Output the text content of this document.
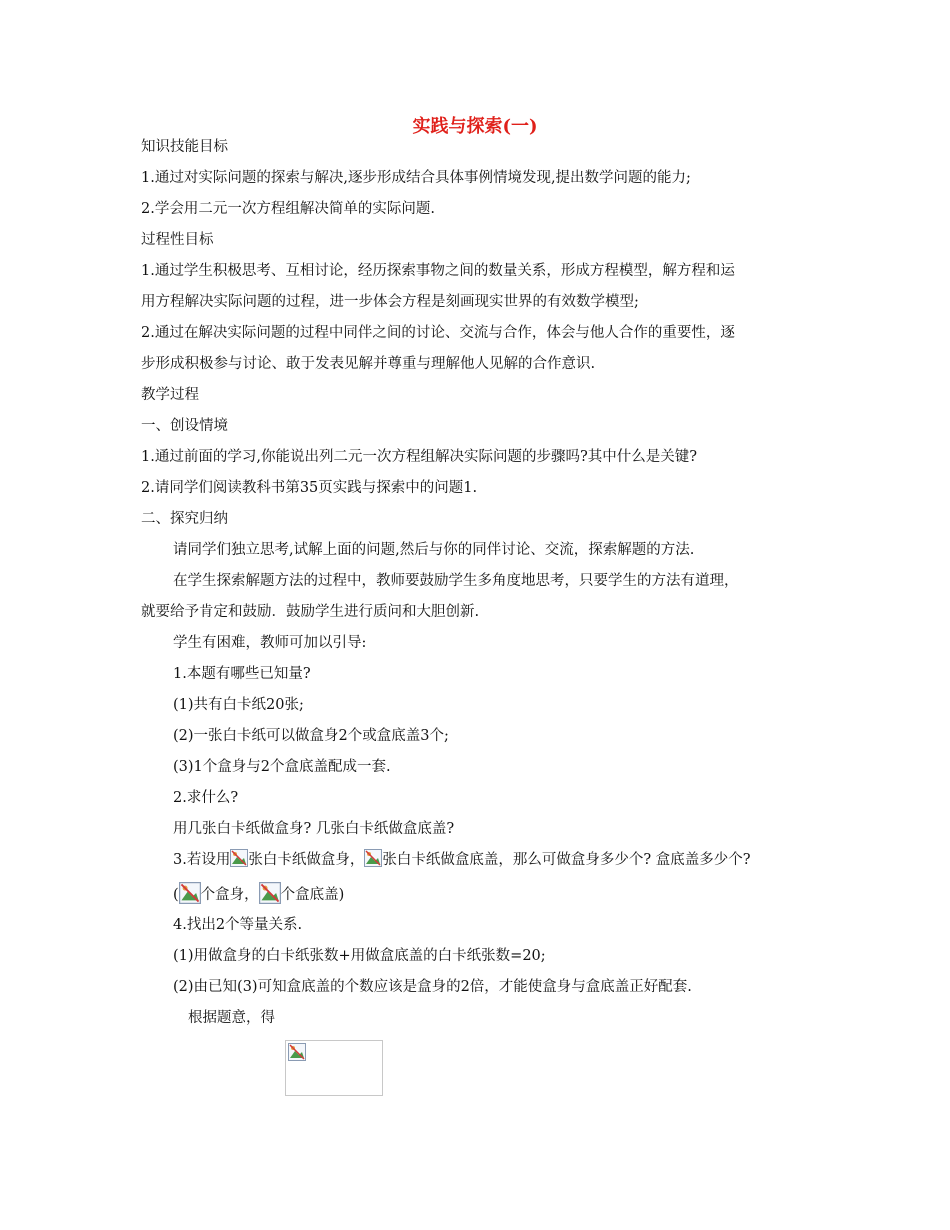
实践与探索(一)
知识技能目标
1.通过对实际问题的探索与解决,逐步形成结合具体事例情境发现,提出数学问题的能力;
2.学会用二元一次方程组解决简单的实际问题.
过程性目标
1.通过学生积极思考、互相讨论，经历探索事物之间的数量关系，形成方程模型，解方程和运
用方程解决实际问题的过程，进一步体会方程是刻画现实世界的有效数学模型;
2.通过在解决实际问题的过程中同伴之间的讨论、交流与合作，体会与他人合作的重要性，逐
步形成积极参与讨论、敢于发表见解并尊重与理解他人见解的合作意识.
教学过程
一、创设情境
1.通过前面的学习,你能说出列二元一次方程组解决实际问题的步骤吗?其中什么是关键?
2.请同学们阅读教科书第35页实践与探索中的问题1.
二、探究归纳
请同学们独立思考,试解上面的问题,然后与你的同伴讨论、交流，探索解题的方法.
在学生探索解题方法的过程中，教师要鼓励学生多角度地思考，只要学生的方法有道理，
就要给予肯定和鼓励．鼓励学生进行质问和大胆创新.
学生有困难，教师可加以引导:
1.本题有哪些已知量?
(1)共有白卡纸20张;
(2)一张白卡纸可以做盒身2个或盒底盖3个;
(3)1个盒身与2个盒底盖配成一套.
2.求什么?
用几张白卡纸做盒身? 几张白卡纸做盒底盖?
3.若设用 张白卡纸做盒身， 张白卡纸做盒底盖，那么可做盒身多少个? 盒底盖多少个?
( 个盒身， 个盒底盖)
4.找出2个等量关系.
(1)用做盒身的白卡纸张数+用做盒底盖的白卡纸张数=20;
(2)由已知(3)可知盒底盖的个数应该是盒身的2倍，才能使盒身与盒底盖正好配套.
根据题意，得
